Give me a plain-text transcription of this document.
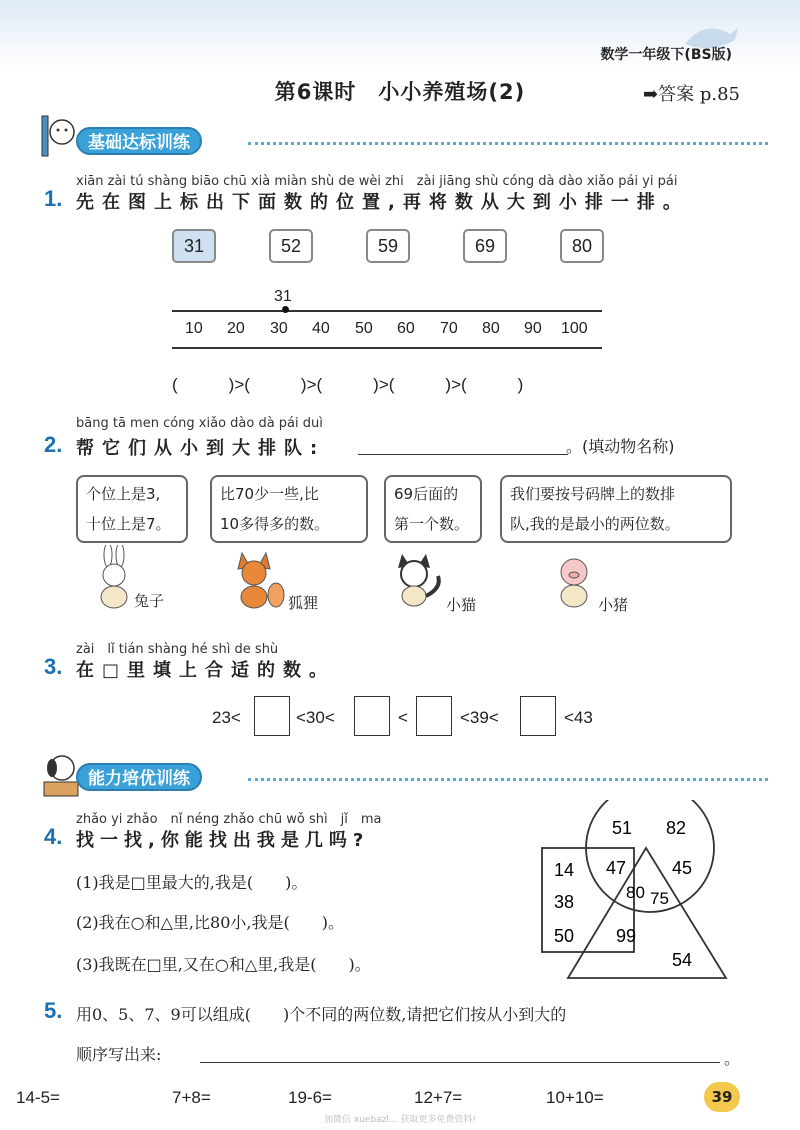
数学一年级下(BS版)
第6课时　小小养殖场(2)	➡答案 p.85
基础达标训练
xiān zài tú shàng biāo chū xià miàn shù de wèi zhi　zài jiāng shù cóng dà dào xiǎo pái yi pái
1. 先在图上标出下面数的位置,再将数从大到小排一排。
31	52	59	69	80
31
10 20 30 40 50 60 70 80 90 100
(　　　)>(　　　)>(　　　)>(　　　)>(　　　)
bāng tā men cóng xiǎo dào dà pái duì
2. 帮它们从小到大排队:	。(填动物名称)
个位上是3,
十位上是7。
比70少一些,比
10多得多的数。
69后面的
第一个数。
我们要按号码牌上的数排
队,我的是最小的两位数。
兔子	狐狸	小猫	小猪
zài　lǐ tián shàng hé shì de shù
3. 在□里填上合适的数。
23<	<30<	<	<39<	<43
能力培优训练
zhǎo yi zhǎo　nǐ néng zhǎo chū wǒ shì　jǐ　ma
4. 找一找,你能找出我是几吗?
(1)我是□里最大的,我是(　　)。
(2)我在○和△里,比80小,我是(　　)。
(3)我既在□里,又在○和△里,我是(　　)。
51 82
14 47	45
38	80 75
50 99
54
5. 用0、5、7、9可以组成(　　)个不同的两位数,请把它们按从小到大的
顺序写出来:	。
14-5=	7+8=	19-6=	12+7=	10+10=	39
加微信 xuebazl... 获取更多免费资料!
